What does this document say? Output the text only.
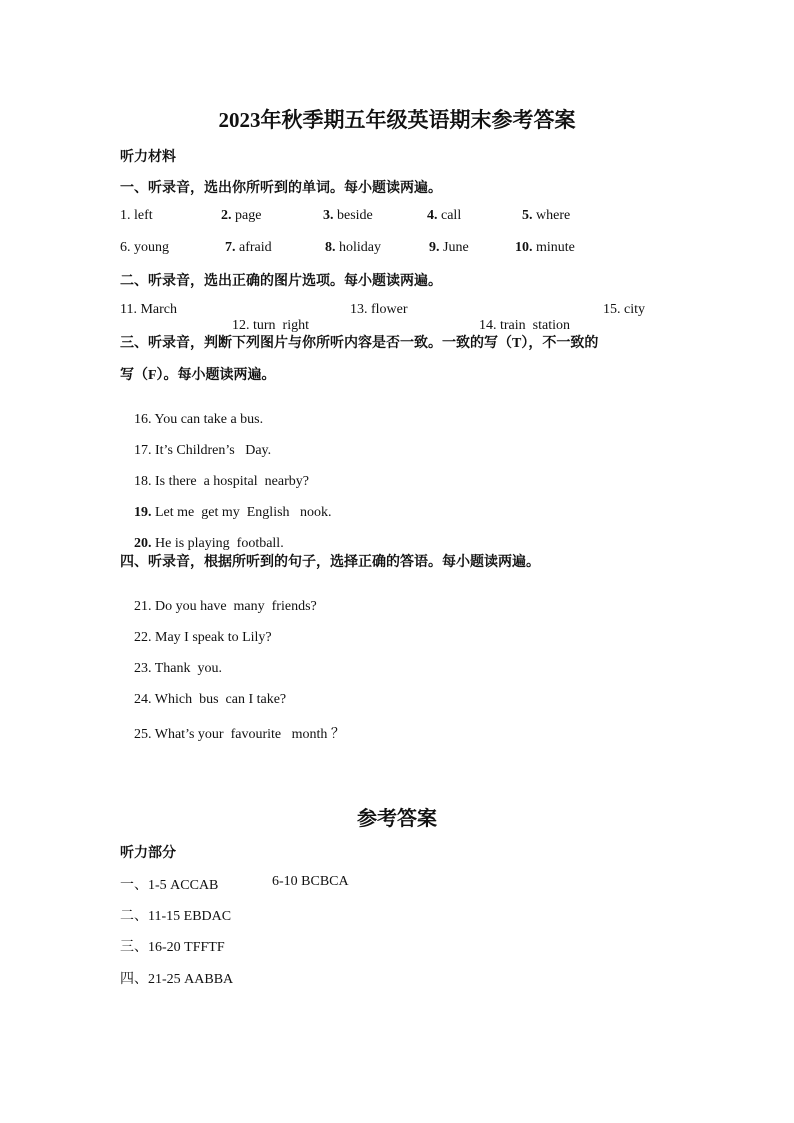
2023年秋季期五年级英语期末参考答案
听力材料
一、听录音，选出你所听到的单词。每小题读两遍。
1. left	2. page	3. beside	4. call	5. where
6. young	7. afraid	8. holiday	9. June	10. minute
二、听录音，选出正确的图片选项。每小题读两遍。
11. March

12. turn  right

13. flower

14. train  station

15. city
三、听录音，判断下列图片与你所听内容是否一致。一致的写（T），不一致的
写（F）。每小题读两遍。

16. You can take a bus.

17. It’s Children’s   Day.

18. Is there  a hospital  nearby?

19. Let me  get my  English   nook.

20. He is playing  football.

四、听录音，根据所听到的句子，选择正确的答语。每小题读两遍。

21. Do you have  many  friends?

22. May I speak to Lily?

23. Thank  you.

24. Which  bus  can I take?

25. What’s your  favourite   month ？

参考答案
听力部分
一、1-5 ACCAB	6-10 BCBCA
二、11-15 EBDAC
三、16-20 TFFTF
四、21-25 AABBA
